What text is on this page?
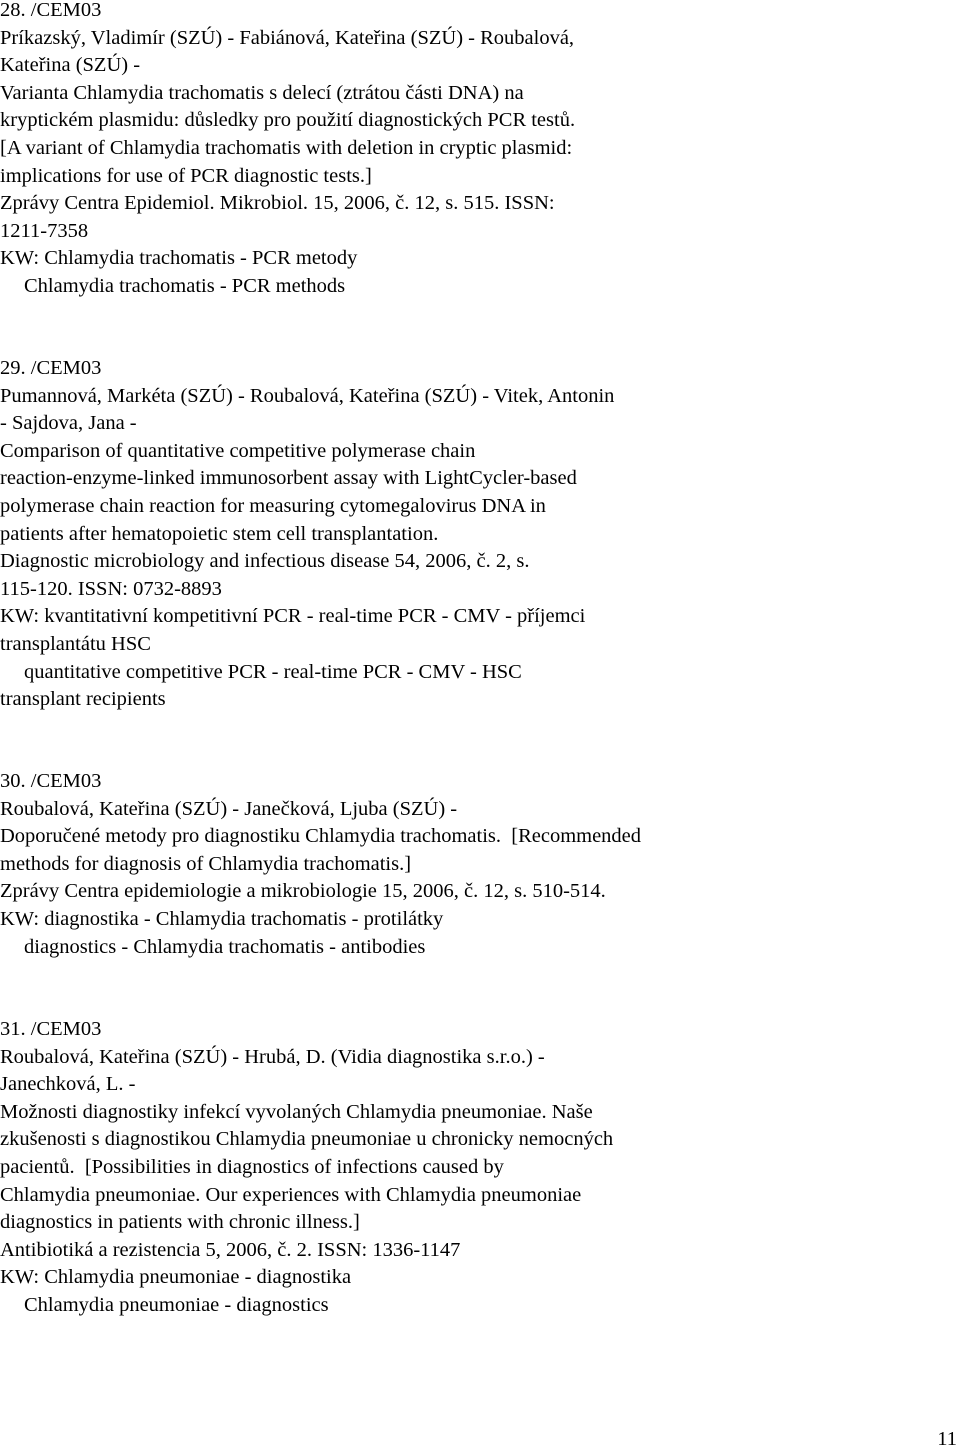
28. /CEM03
Príkazský, Vladimír (SZÚ) - Fabiánová, Kateřina (SZÚ) - Roubalová,
Kateřina (SZÚ) -
Varianta Chlamydia trachomatis s delecí (ztrátou části DNA) na
kryptickém plasmidu: důsledky pro použití diagnostických PCR testů.
[A variant of Chlamydia trachomatis with deletion in cryptic plasmid:
implications for use of PCR diagnostic tests.]
Zprávy Centra Epidemiol. Mikrobiol. 15, 2006, č. 12, s. 515. ISSN:
1211-7358
KW: Chlamydia trachomatis - PCR metody
Chlamydia trachomatis - PCR methods
29. /CEM03
Pumannová, Markéta (SZÚ) - Roubalová, Kateřina (SZÚ) - Vitek, Antonin
- Sajdova, Jana -
Comparison of quantitative competitive polymerase chain
reaction-enzyme-linked immunosorbent assay with LightCycler-based
polymerase chain reaction for measuring cytomegalovirus DNA in
patients after hematopoietic stem cell transplantation.
Diagnostic microbiology and infectious disease 54, 2006, č. 2, s.
115-120. ISSN: 0732-8893
KW: kvantitativní kompetitivní PCR - real-time PCR - CMV - příjemci
transplantátu HSC
quantitative competitive PCR - real-time PCR - CMV - HSC
transplant recipients
30. /CEM03
Roubalová, Kateřina (SZÚ) - Janečková, Ljuba (SZÚ) -
Doporučené metody pro diagnostiku Chlamydia trachomatis.  [Recommended
methods for diagnosis of Chlamydia trachomatis.]
Zprávy Centra epidemiologie a mikrobiologie 15, 2006, č. 12, s. 510-514.
KW: diagnostika - Chlamydia trachomatis - protilátky
diagnostics - Chlamydia trachomatis - antibodies
31. /CEM03
Roubalová, Kateřina (SZÚ) - Hrubá, D. (Vidia diagnostika s.r.o.) -
Janechková, L. -
Možnosti diagnostiky infekcí vyvolaných Chlamydia pneumoniae. Naše
zkušenosti s diagnostikou Chlamydia pneumoniae u chronicky nemocných
pacientů.  [Possibilities in diagnostics of infections caused by
Chlamydia pneumoniae. Our experiences with Chlamydia pneumoniae
diagnostics in patients with chronic illness.]
Antibiotiká a rezistencia 5, 2006, č. 2. ISSN: 1336-1147
KW: Chlamydia pneumoniae - diagnostika
Chlamydia pneumoniae - diagnostics
11
